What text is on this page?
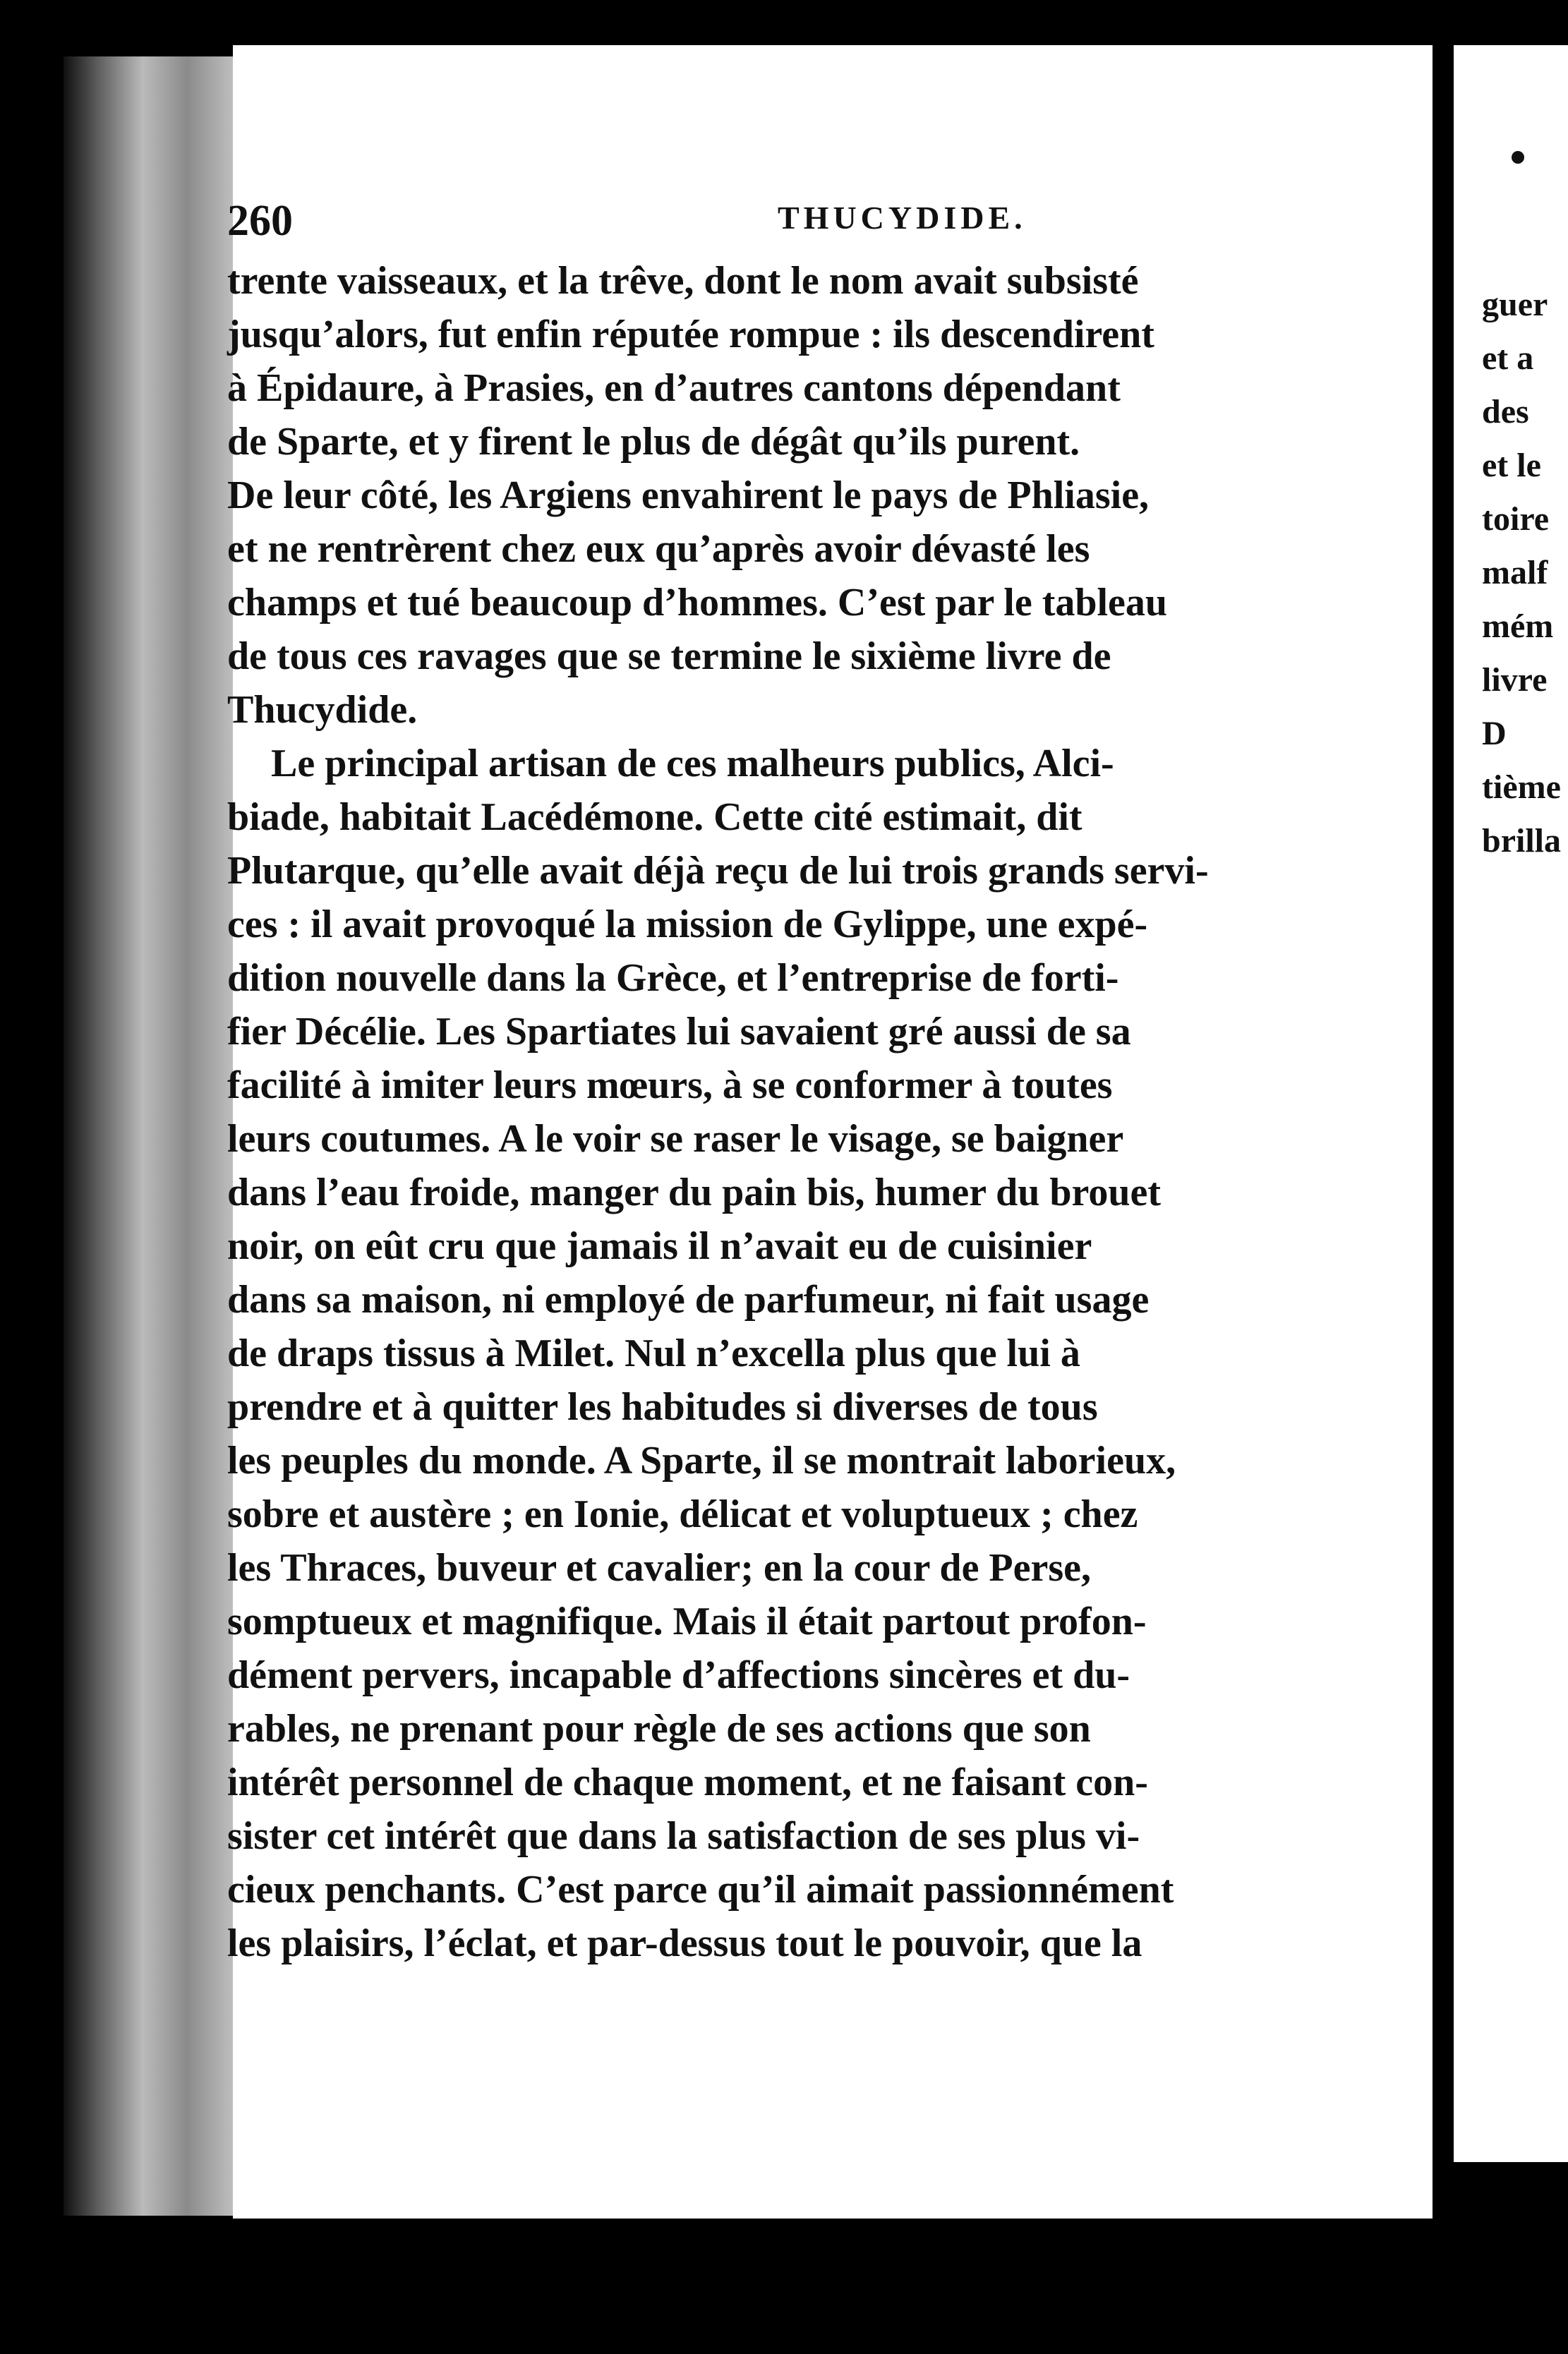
260	THUCYDIDE.
trente vaisseaux, et la trêve, dont le nom avait subsisté
jusqu’alors, fut enfin réputée rompue : ils descendirent
à Épidaure, à Prasies, en d’autres cantons dépendant
de Sparte, et y firent le plus de dégât qu’ils purent.
De leur côté, les Argiens envahirent le pays de Phliasie,
et ne rentrèrent chez eux qu’après avoir dévasté les
champs et tué beaucoup d’hommes. C’est par le tableau
de tous ces ravages que se termine le sixième livre de
Thucydide.
Le principal artisan de ces malheurs publics, Alci-
biade, habitait Lacédémone. Cette cité estimait, dit
Plutarque, qu’elle avait déjà reçu de lui trois grands servi-
ces : il avait provoqué la mission de Gylippe, une expé-
dition nouvelle dans la Grèce, et l’entreprise de forti-
fier Décélie. Les Spartiates lui savaient gré aussi de sa
facilité à imiter leurs mœurs, à se conformer à toutes
leurs coutumes. A le voir se raser le visage, se baigner
dans l’eau froide, manger du pain bis, humer du brouet
noir, on eût cru que jamais il n’avait eu de cuisinier
dans sa maison, ni employé de parfumeur, ni fait usage
de draps tissus à Milet. Nul n’excella plus que lui à
prendre et à quitter les habitudes si diverses de tous
les peuples du monde. A Sparte, il se montrait laborieux,
sobre et austère ; en Ionie, délicat et voluptueux ; chez
les Thraces, buveur et cavalier; en la cour de Perse,
somptueux et magnifique. Mais il était partout profon-
dément pervers, incapable d’affections sincères et du-
rables, ne prenant pour règle de ses actions que son
intérêt personnel de chaque moment, et ne faisant con-
sister cet intérêt que dans la satisfaction de ses plus vi-
cieux penchants. C’est parce qu’il aimait passionnément
les plaisirs, l’éclat, et par-dessus tout le pouvoir, que la
guer
et a
des
et le
toire
malf
mém
livre
D
tième
brilla
